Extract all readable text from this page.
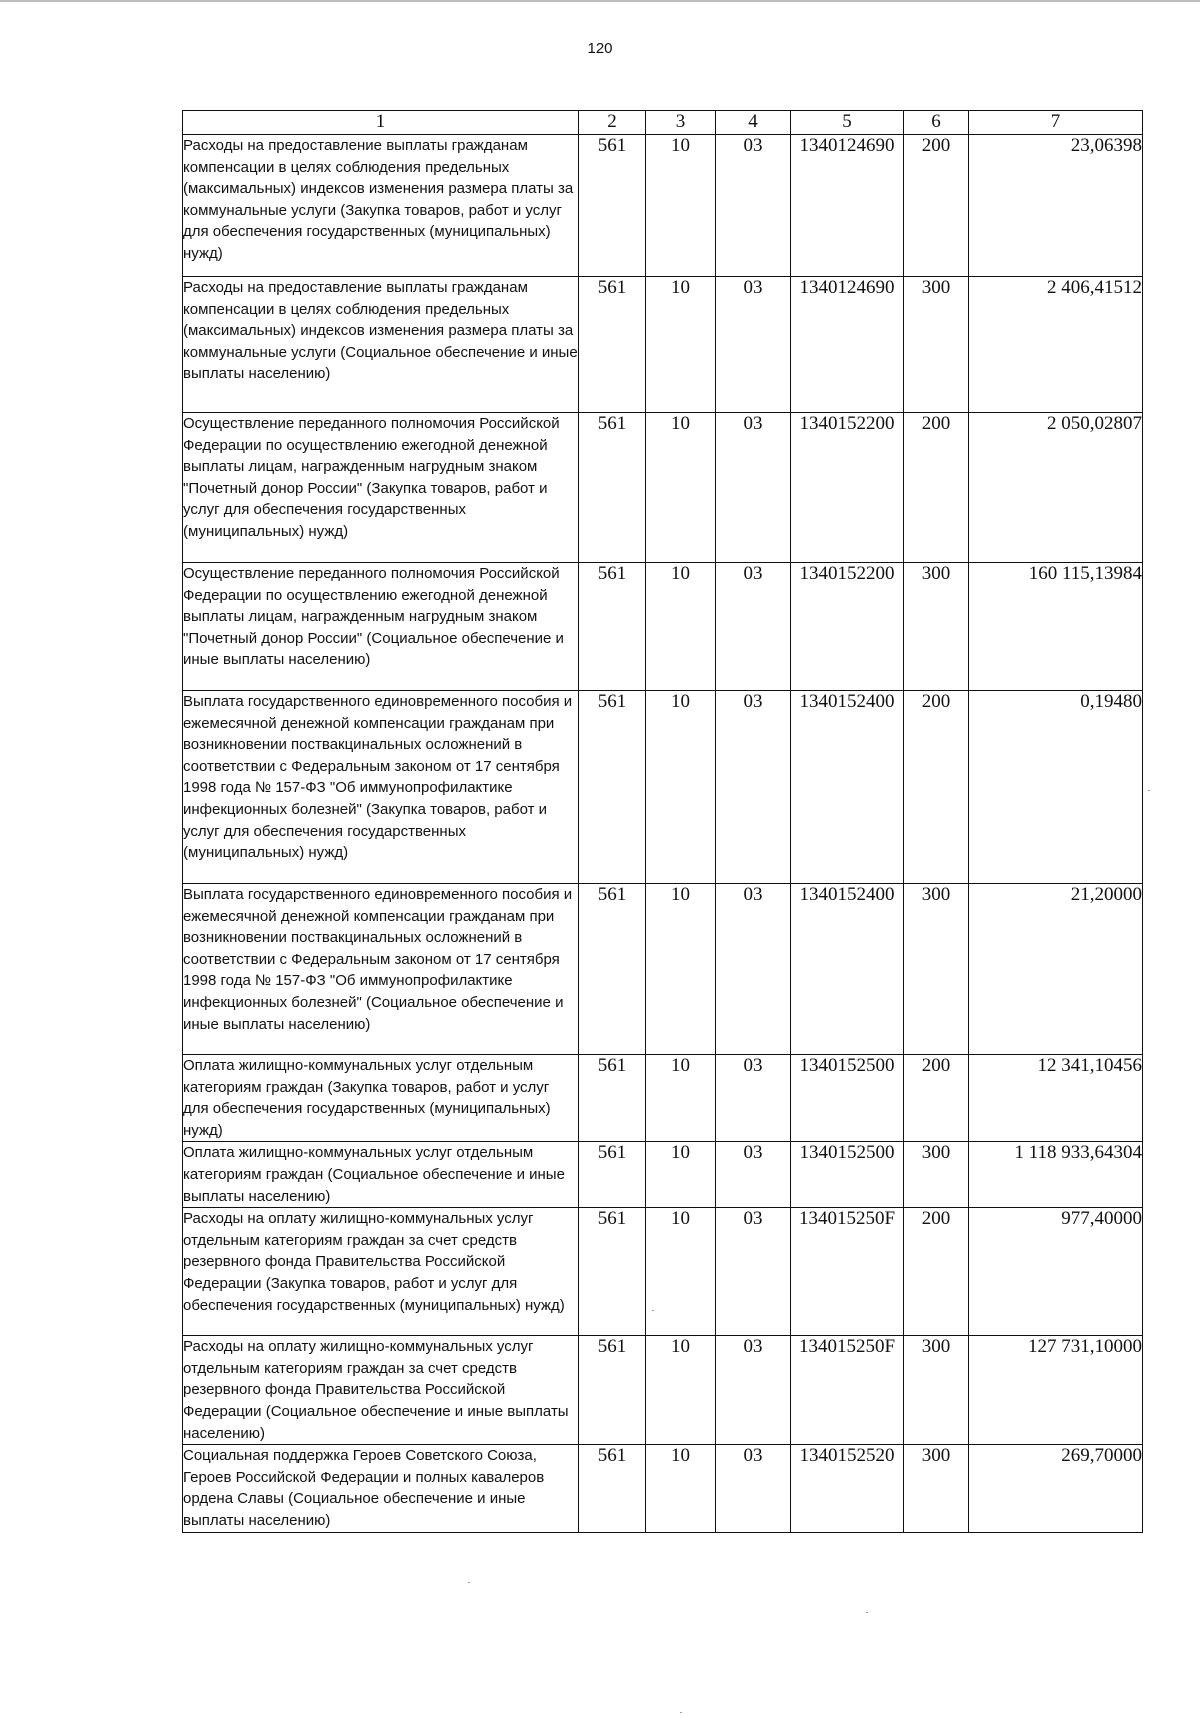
120
1	2	3	4	5	6	7
Расходы на предоставление выплаты гражданам компенсации в целях соблюдения предельных (максимальных) индексов изменения размера платы за коммунальные услуги (Закупка товаров, работ и услуг для обеспечения государственных (муниципальных) нужд)	561	10	03	1340124690	200	23,06398
Расходы на предоставление выплаты гражданам компенсации в целях соблюдения предельных (максимальных) индексов изменения размера платы за коммунальные услуги (Социальное обеспечение и иные выплаты населению)	561	10	03	1340124690	300	2 406,41512
Осуществление переданного полномочия Российской Федерации по осуществлению ежегодной денежной выплаты лицам, награжденным нагрудным знаком "Почетный донор России" (Закупка товаров, работ и услуг для обеспечения государственных (муниципальных) нужд)	561	10	03	1340152200	200	2 050,02807
Осуществление переданного полномочия Российской Федерации по осуществлению ежегодной денежной выплаты лицам, награжденным нагрудным знаком "Почетный донор России" (Социальное обеспечение и иные выплаты населению)	561	10	03	1340152200	300	160 115,13984
Выплата государственного единовременного пособия и ежемесячной денежной компенсации гражданам при возникновении поствакцинальных осложнений в соответствии с Федеральным законом от 17 сентября 1998 года № 157-ФЗ "Об иммунопрофилактике инфекционных болезней" (Закупка товаров, работ и услуг для обеспечения государственных (муниципальных) нужд)	561	10	03	1340152400	200	0,19480
Выплата государственного единовременного пособия и ежемесячной денежной компенсации гражданам при возникновении поствакцинальных осложнений в соответствии с Федеральным законом от 17 сентября 1998 года № 157-ФЗ "Об иммунопрофилактике инфекционных болезней" (Социальное обеспечение и иные выплаты населению)	561	10	03	1340152400	300	21,20000
Оплата жилищно-коммунальных услуг отдельным категориям граждан (Закупка товаров, работ и услуг для обеспечения государственных (муниципальных) нужд)	561	10	03	1340152500	200	12 341,10456
Оплата жилищно-коммунальных услуг отдельным категориям граждан (Социальное обеспечение и иные выплаты населению)	561	10	03	1340152500	300	1 118 933,64304
Расходы на оплату жилищно-коммунальных услуг отдельным категориям граждан за счет средств резервного фонда Правительства Российской Федерации (Закупка товаров, работ и услуг для обеспечения государственных (муниципальных) нужд)	561	10	03	134015250F	200	977,40000
Расходы на оплату жилищно-коммунальных услуг отдельным категориям граждан за счет средств резервного фонда Правительства Российской Федерации (Социальное обеспечение и иные выплаты населению)	561	10	03	134015250F	300	127 731,10000
Социальная поддержка Героев Советского Союза, Героев Российской Федерации и полных кавалеров ордена Славы (Социальное обеспечение и иные выплаты населению)	561	10	03	1340152520	300	269,70000
